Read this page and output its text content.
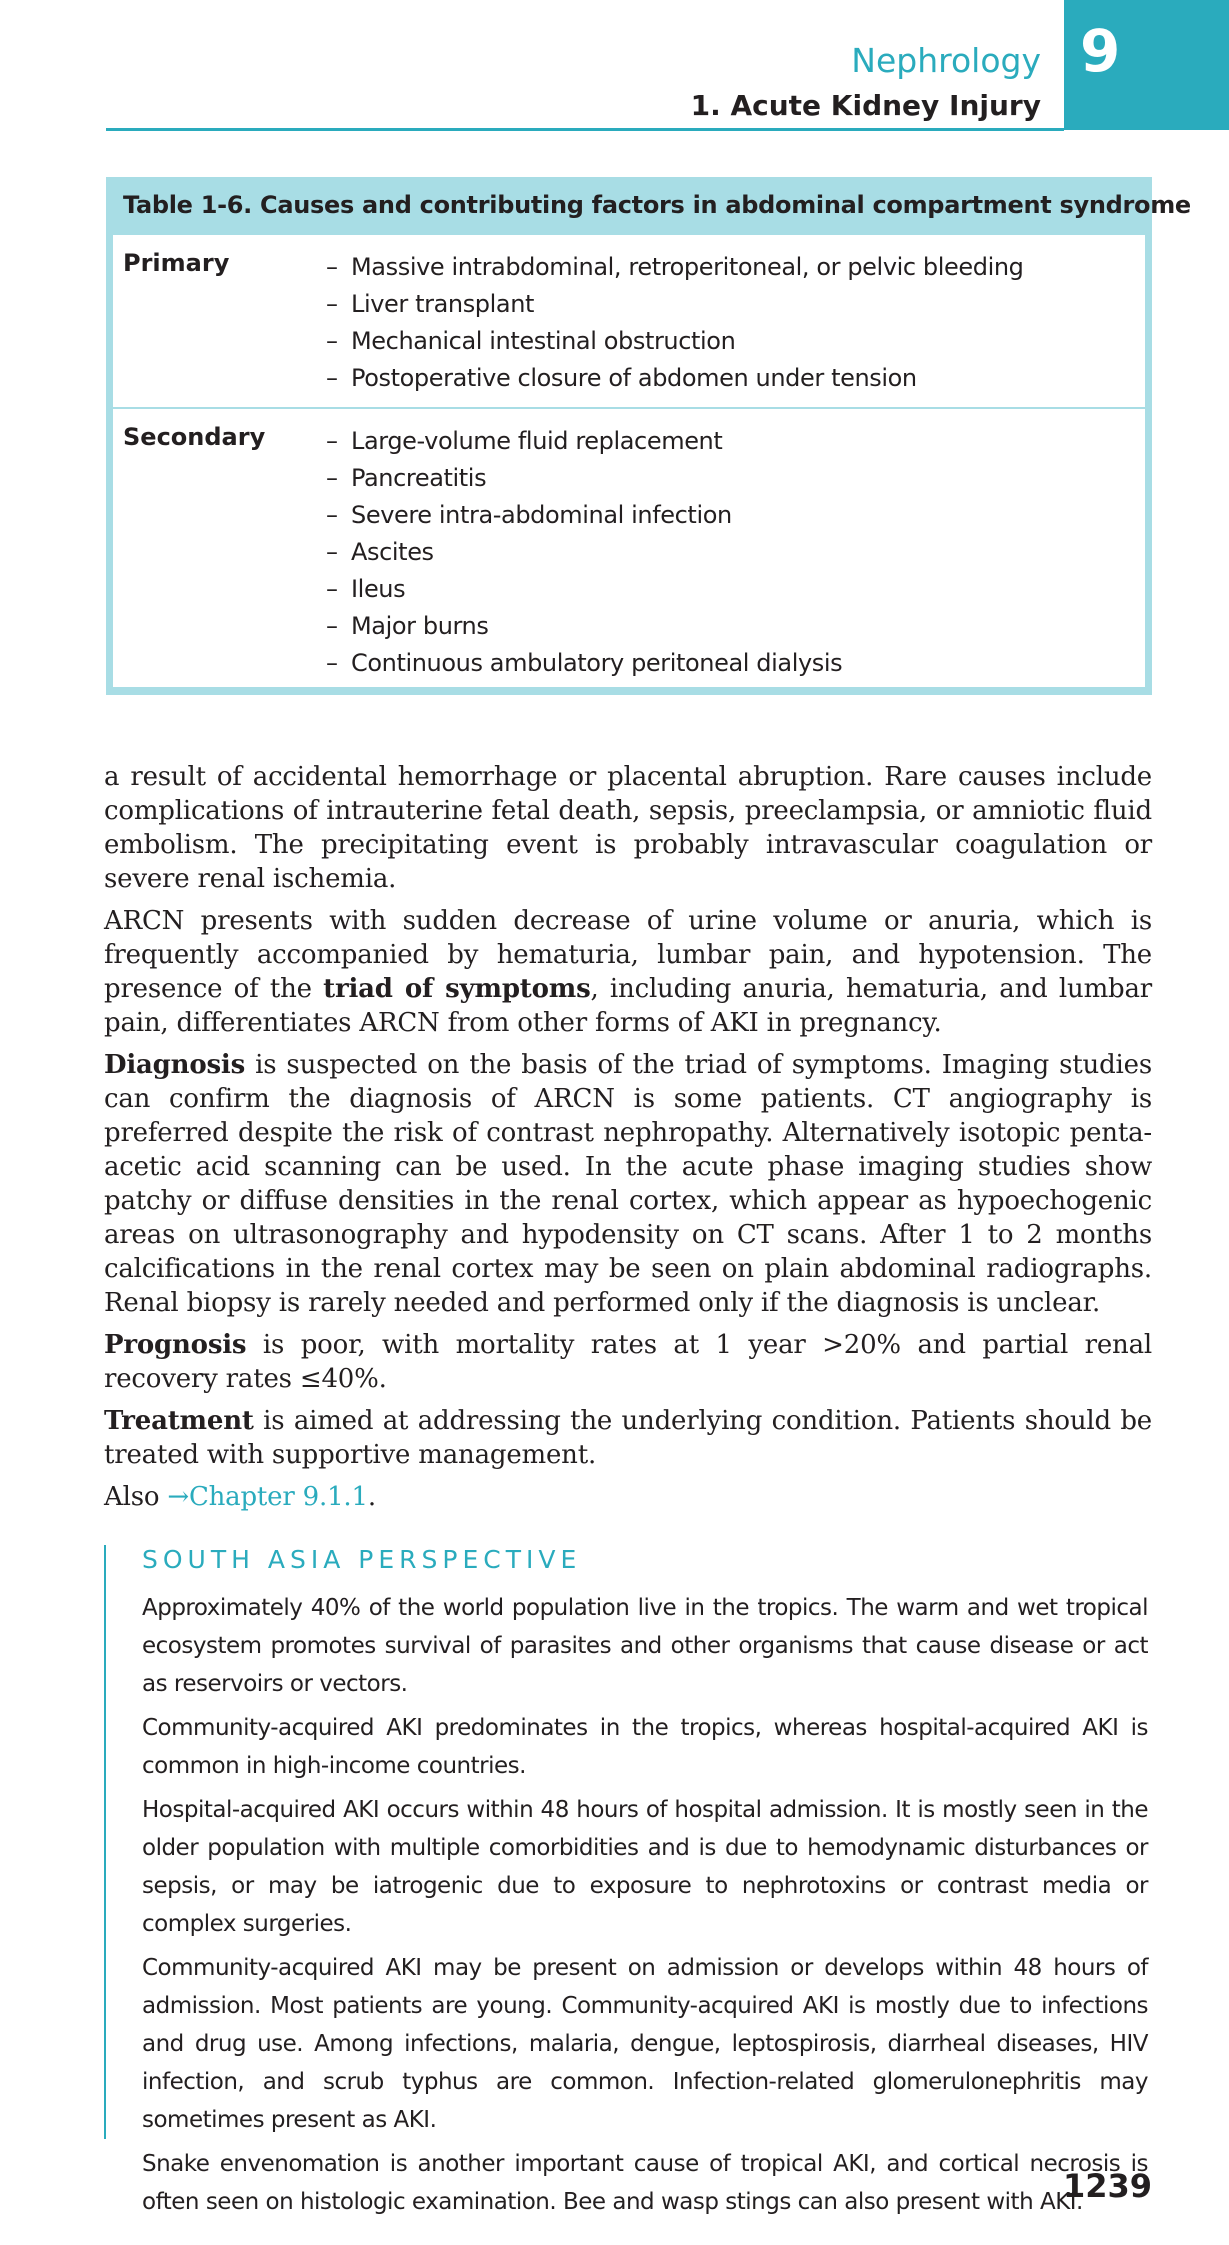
9
Nephrology
1. Acute Kidney Injury
Table 1-6. Causes and contributing factors in abdominal compartment syndrome
Primary	– Massive intrabdominal, retroperitoneal, or pelvic bleeding
– Liver transplant
– Mechanical intestinal obstruction
– Postoperative closure of abdomen under tension
Secondary	– Large-volume fluid replacement
– Pancreatitis
– Severe intra-abdominal infection
– Ascites
– Ileus
– Major burns
– Continuous ambulatory peritoneal dialysis

a result of accidental hemorrhage or placental abruption. Rare causes include complications of intrauterine fetal death, sepsis, preeclampsia, or amniotic fluid embolism. The precipitating event is probably intravascular coagulation or severe renal ischemia.

ARCN presents with sudden decrease of urine volume or anuria, which is frequently accompanied by hematuria, lumbar pain, and hypotension. The presence of the triad of symptoms, including anuria, hematuria, and lumbar pain, differentiates ARCN from other forms of AKI in pregnancy.

Diagnosis is suspected on the basis of the triad of symptoms. Imaging studies can confirm the diagnosis of ARCN is some patients. CT angiography is preferred despite the risk of contrast nephropathy. Alternatively isotopic penta-acetic acid scanning can be used. In the acute phase imaging studies show patchy or diffuse densities in the renal cortex, which appear as hypoechogenic areas on ultrasonography and hypodensity on CT scans. After 1 to 2 months calcifications in the renal cortex may be seen on plain abdominal radiographs. Renal biopsy is rarely needed and performed only if the diagnosis is unclear.

Prognosis is poor, with mortality rates at 1 year >20% and partial renal recovery rates ≤40%.

Treatment is aimed at addressing the underlying condition. Patients should be treated with supportive management.

Also →Chapter 9.1.1.

SOUTH ASIA PERSPECTIVE

Approximately 40% of the world population live in the tropics. The warm and wet tropical ecosystem promotes survival of parasites and other organisms that cause disease or act as reservoirs or vectors.

Community-acquired AKI predominates in the tropics, whereas hospital-acquired AKI is common in high-income countries.

Hospital-acquired AKI occurs within 48 hours of hospital admission. It is mostly seen in the older population with multiple comorbidities and is due to hemodynamic disturbances or sepsis, or may be iatrogenic due to exposure to nephrotoxins or contrast media or complex surgeries.

Community-acquired AKI may be present on admission or develops within 48 hours of admission. Most patients are young. Community-acquired AKI is mostly due to infections and drug use. Among infections, malaria, dengue, leptospirosis, diarrheal diseases, HIV infection, and scrub typhus are common. Infection-related glomerulonephritis may sometimes present as AKI.

Snake envenomation is another important cause of tropical AKI, and cortical necrosis is often seen on histologic examination. Bee and wasp stings can also present with AKI.

1239
